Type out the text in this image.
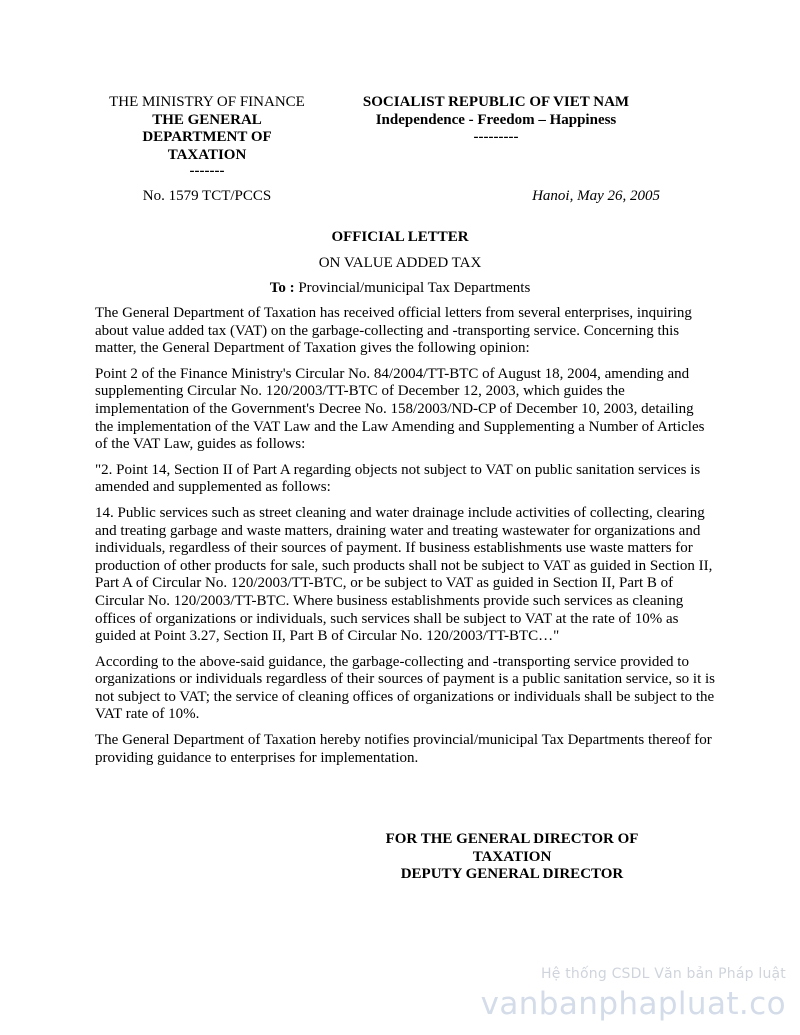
THE MINISTRY OF FINANCE
THE GENERAL
DEPARTMENT OF
TAXATION
-------
SOCIALIST REPUBLIC OF VIET NAM
Independence - Freedom – Happiness
---------
No. 1579 TCT/PCCS	Hanoi, May 26, 2005
OFFICIAL LETTER
ON VALUE ADDED TAX
To : Provincial/municipal Tax Departments

The General Department of Taxation has received official letters from several enterprises, inquiring about value added tax (VAT) on the garbage-collecting and -transporting service. Concerning this matter, the General Department of Taxation gives the following opinion:

Point 2 of the Finance Ministry's Circular No. 84/2004/TT-BTC of August 18, 2004, amending and supplementing Circular No. 120/2003/TT-BTC of December 12, 2003, which guides the implementation of the Government's Decree No. 158/2003/ND-CP of December 10, 2003, detailing the implementation of the VAT Law and the Law Amending and Supplementing a Number of Articles of the VAT Law, guides as follows:

"2. Point 14, Section II of Part A regarding objects not subject to VAT on public sanitation services is amended and supplemented as follows:

14. Public services such as street cleaning and water drainage include activities of collecting, clearing and treating garbage and waste matters, draining water and treating wastewater for organizations and individuals, regardless of their sources of payment. If business establishments use waste matters for production of other products for sale, such products shall not be subject to VAT as guided in Section II, Part A of Circular No. 120/2003/TT-BTC, or be subject to VAT as guided in Section II, Part B of Circular No. 120/2003/TT-BTC. Where business establishments provide such services as cleaning offices of organizations or individuals, such services shall be subject to VAT at the rate of 10% as guided at Point 3.27, Section II, Part B of Circular No. 120/2003/TT-BTC…"

According to the above-said guidance, the garbage-collecting and -transporting service provided to organizations or individuals regardless of their sources of payment is a public sanitation service, so it is not subject to VAT; the service of cleaning offices of organizations or individuals shall be subject to the VAT rate of 10%.

The General Department of Taxation hereby notifies provincial/municipal Tax Departments thereof for providing guidance to enterprises for implementation.

FOR THE GENERAL DIRECTOR OF
TAXATION
DEPUTY GENERAL DIRECTOR
Hệ thống CSDL Văn bản Pháp luật
vanbanphapluat.co
